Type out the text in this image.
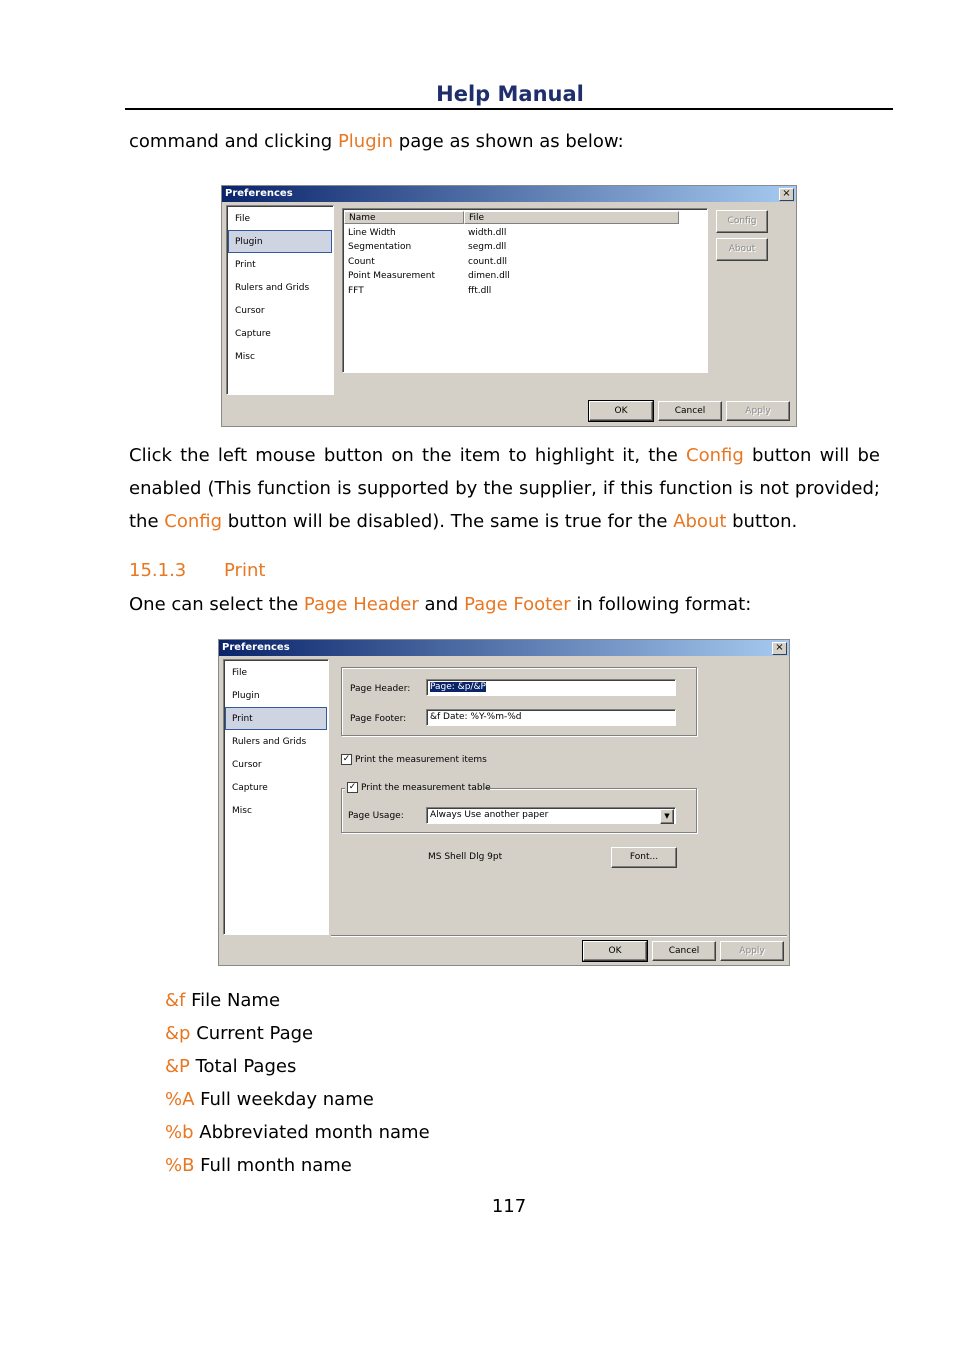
Help Manual
command and clicking Plugin page as shown as below:
Preferences	×
File
Plugin
Print
Rulers and Grids
Cursor
Capture
Misc
Name	File
Line Width	width.dll
Segmentation	segm.dll
Count	count.dll
Point Measurement	dimen.dll
FFT	fft.dll
Config
About
OK	Cancel	Apply
Click the left mouse button on the item to highlight it, the Config button will be enabled (This function is supported by the supplier, if this function is not provided; the Config button will be disabled). The same is true for the About button.
15.1.3 Print
One can select the Page Header and Page Footer in following format:
Preferences	×
File
Plugin
Print
Rulers and Grids
Cursor
Capture
Misc
Page Header:	Page: &p/&P
Page Footer:	&f Date: %Y-%m-%d
✓ Print the measurement items
✓ Print the measurement table
Page Usage:	Always Use another paper	▼
MS Shell Dlg 9pt	Font...
OK	Cancel	Apply
&f File Name
&p Current Page
&P Total Pages
%A Full weekday name
%b Abbreviated month name
%B Full month name
117
